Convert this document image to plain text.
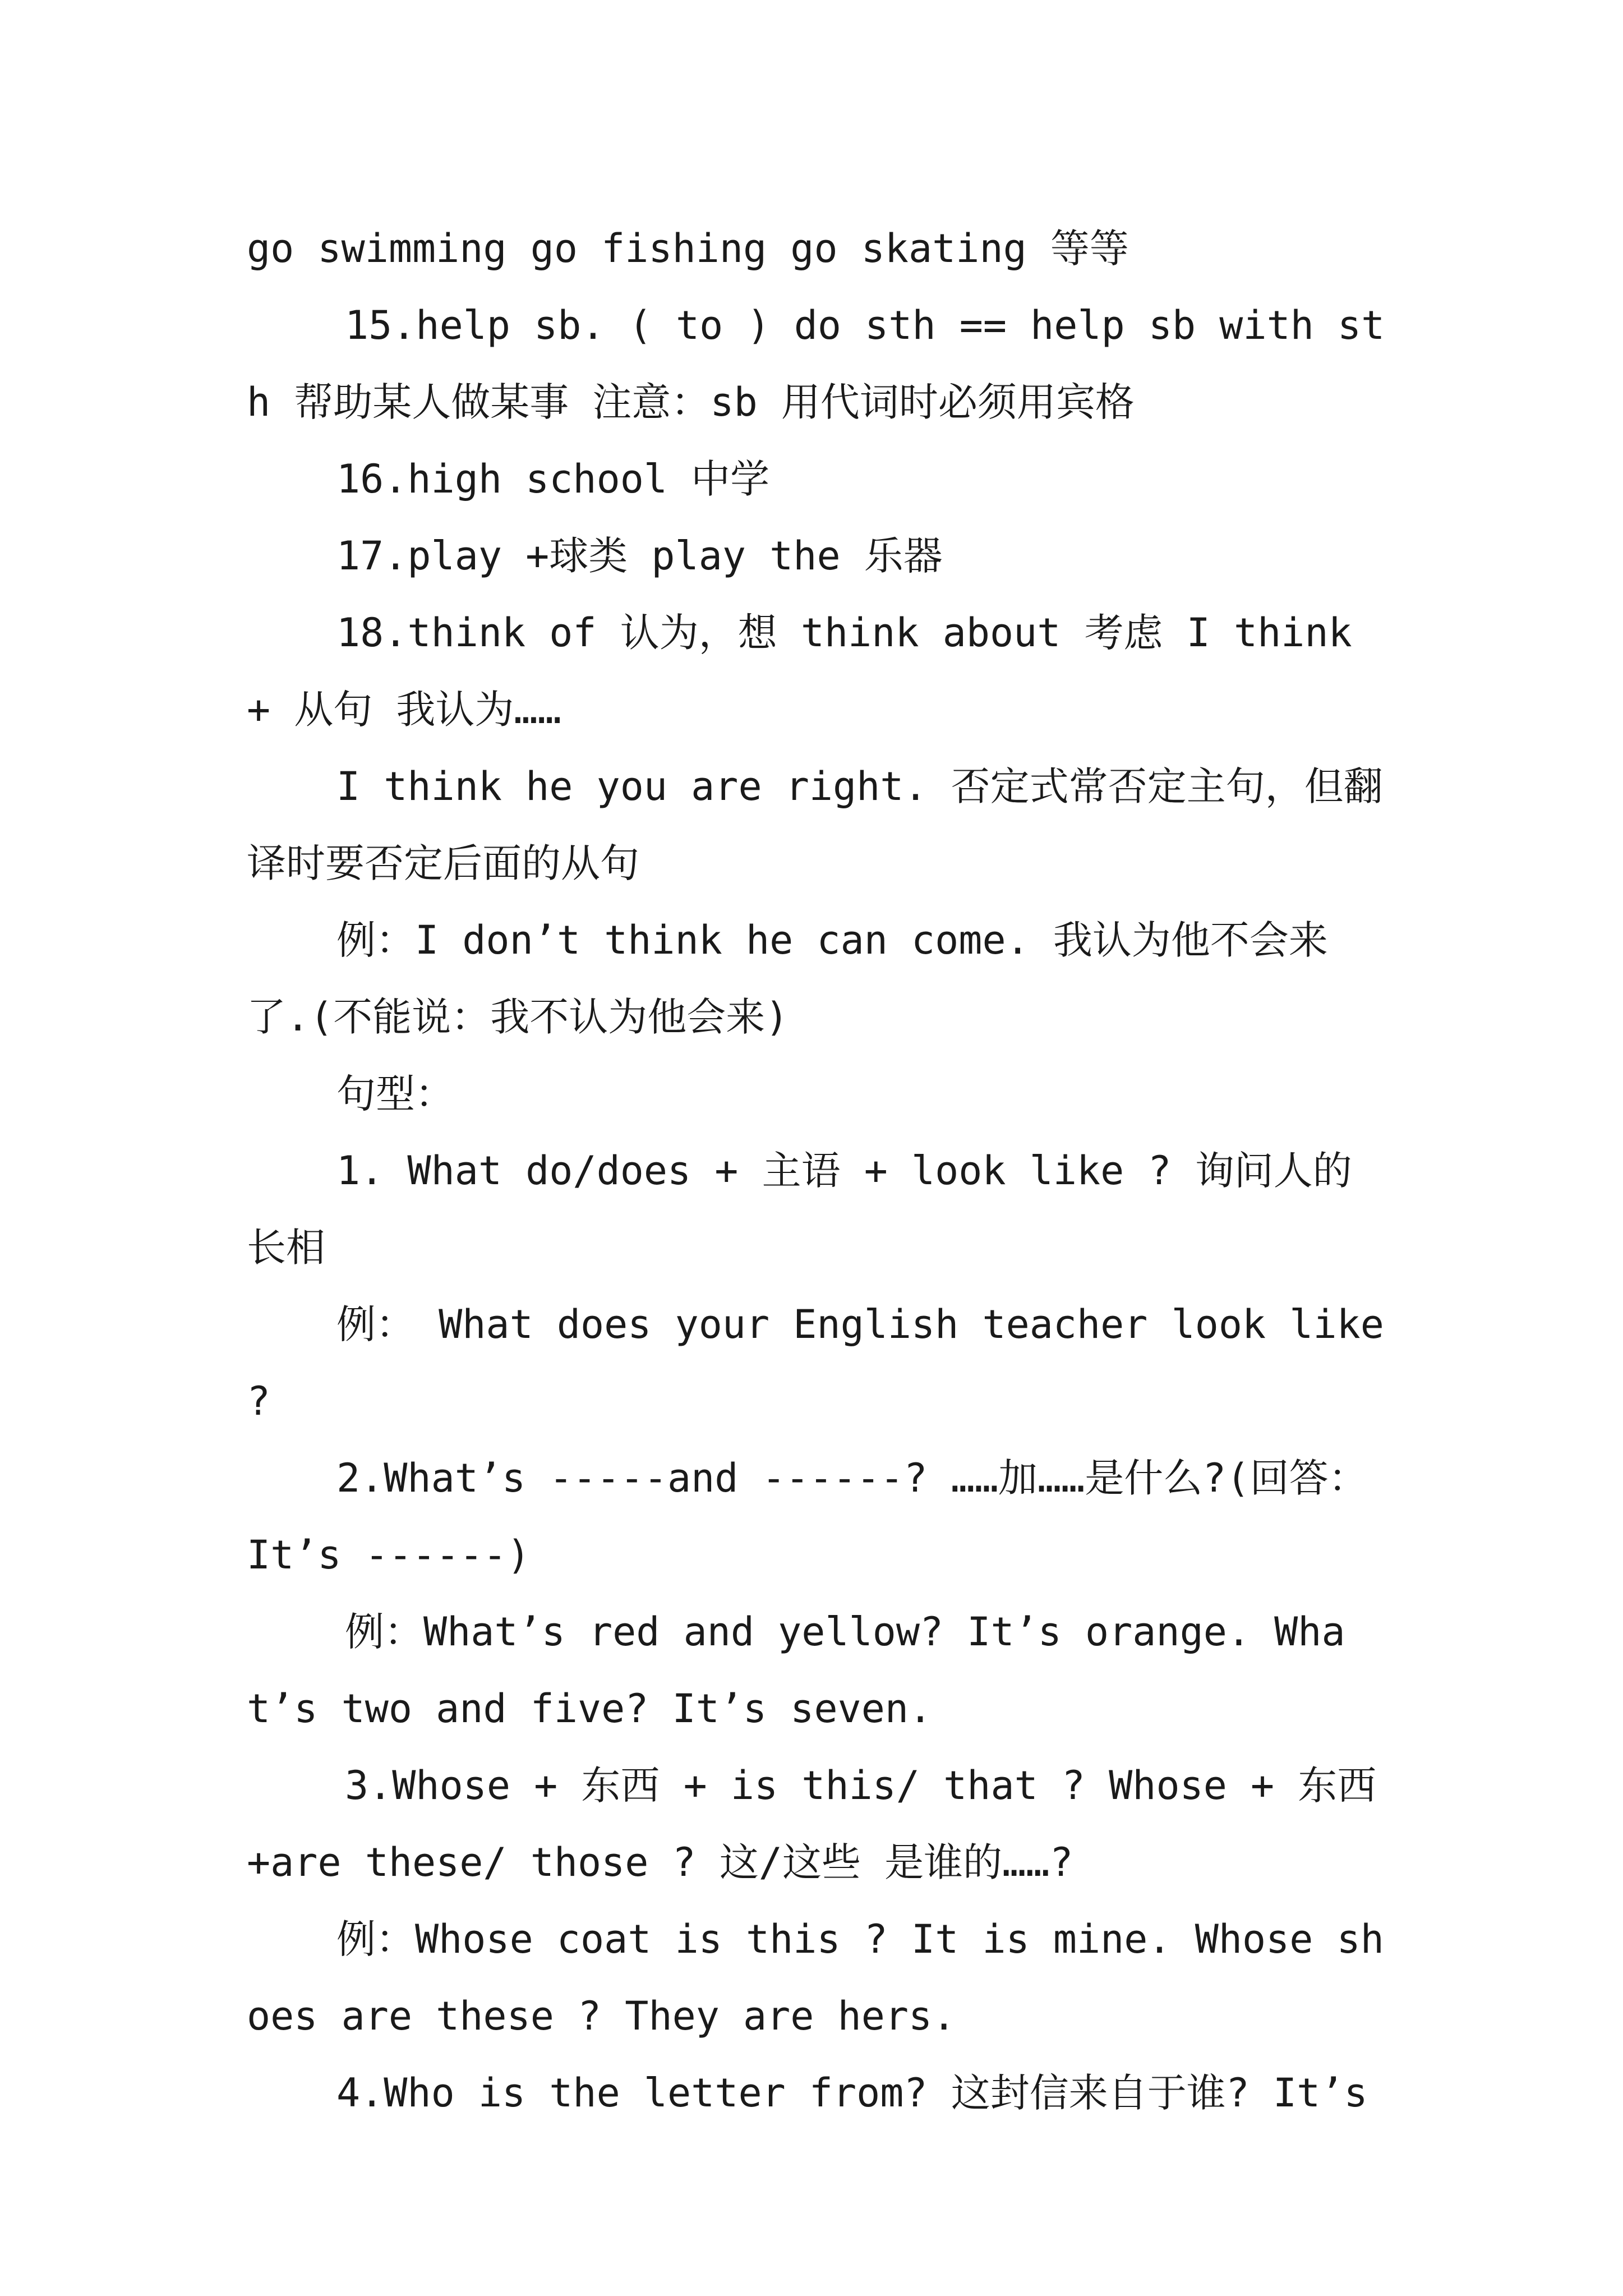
go swimming go fishing go skating 等等

15.help sb. ( to ) do sth == help sb with sth 帮助某人做某事 注意：sb 用代词时必须用宾格

16.high school 中学

17.play +球类 play the 乐器

18.think of 认为，想 think about 考虑 I think + 从句 我认为……

I think he you are right. 否定式常否定主句，但翻译时要否定后面的从句

例：I don’t think he can come. 我认为他不会来了.(不能说：我不认为他会来)

句型：

1. What do/does + 主语 + look like ? 询问人的长相

例： What does your English teacher look like ?

2.What’s -----and ------? ……加……是什么?(回答：It’s ------)

例：What’s red and yellow? It’s orange. What’s two and five? It’s seven.

3.Whose + 东西 + is this/ that ? Whose + 东西 +are these/ those ? 这/这些 是谁的……?

例：Whose coat is this ? It is mine. Whose shoes are these ? They are hers.

4.Who is the letter from? 这封信来自于谁? It’s
